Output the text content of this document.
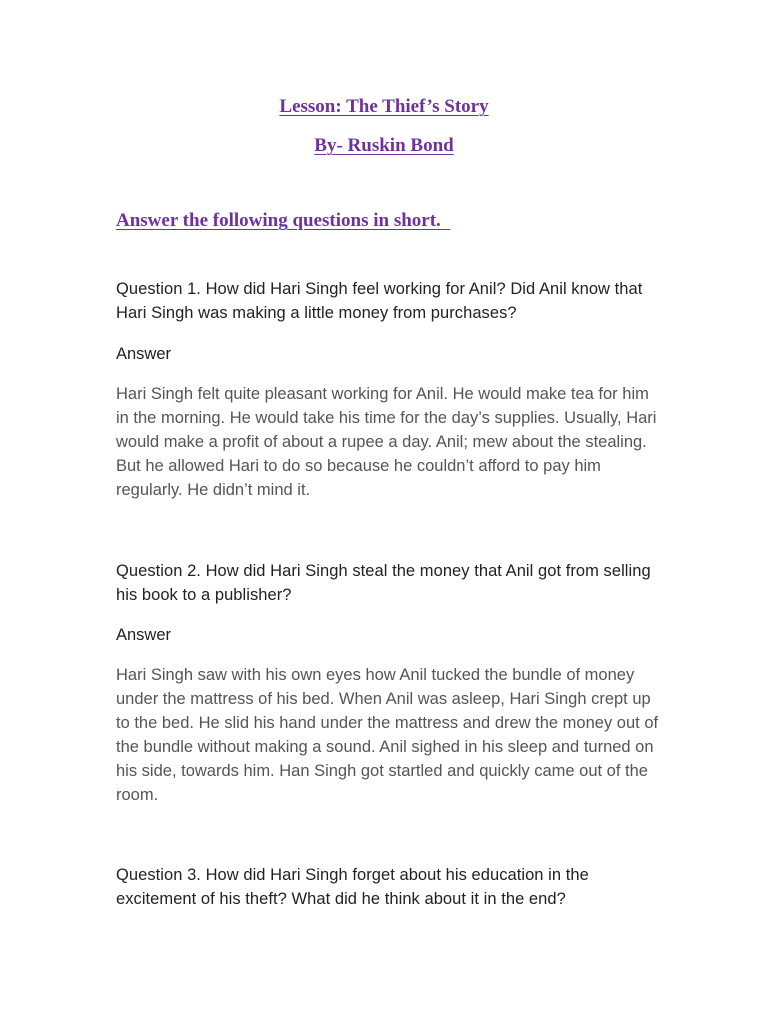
Lesson: The Thief’s Story
By- Ruskin Bond
Answer the following questions in short.
Question 1. How did Hari Singh feel working for Anil? Did Anil know that Hari Singh was making a little money from purchases?
Answer
Hari Singh felt quite pleasant working for Anil. He would make tea for him in the morning. He would take his time for the day’s supplies. Usually, Hari would make a profit of about a rupee a day. Anil; mew about the stealing. But he allowed Hari to do so because he couldn’t afford to pay him regularly. He didn’t mind it.
Question 2. How did Hari Singh steal the money that Anil got from selling his book to a publisher?
Answer
Hari Singh saw with his own eyes how Anil tucked the bundle of money under the mattress of his bed. When Anil was asleep, Hari Singh crept up to the bed. He slid his hand under the mattress and drew the money out of the bundle without making a sound. Anil sighed in his sleep and turned on his side, towards him. Han Singh got startled and quickly came out of the room.
Question 3. How did Hari Singh forget about his education in the excitement of his theft? What did he think about it in the end?
